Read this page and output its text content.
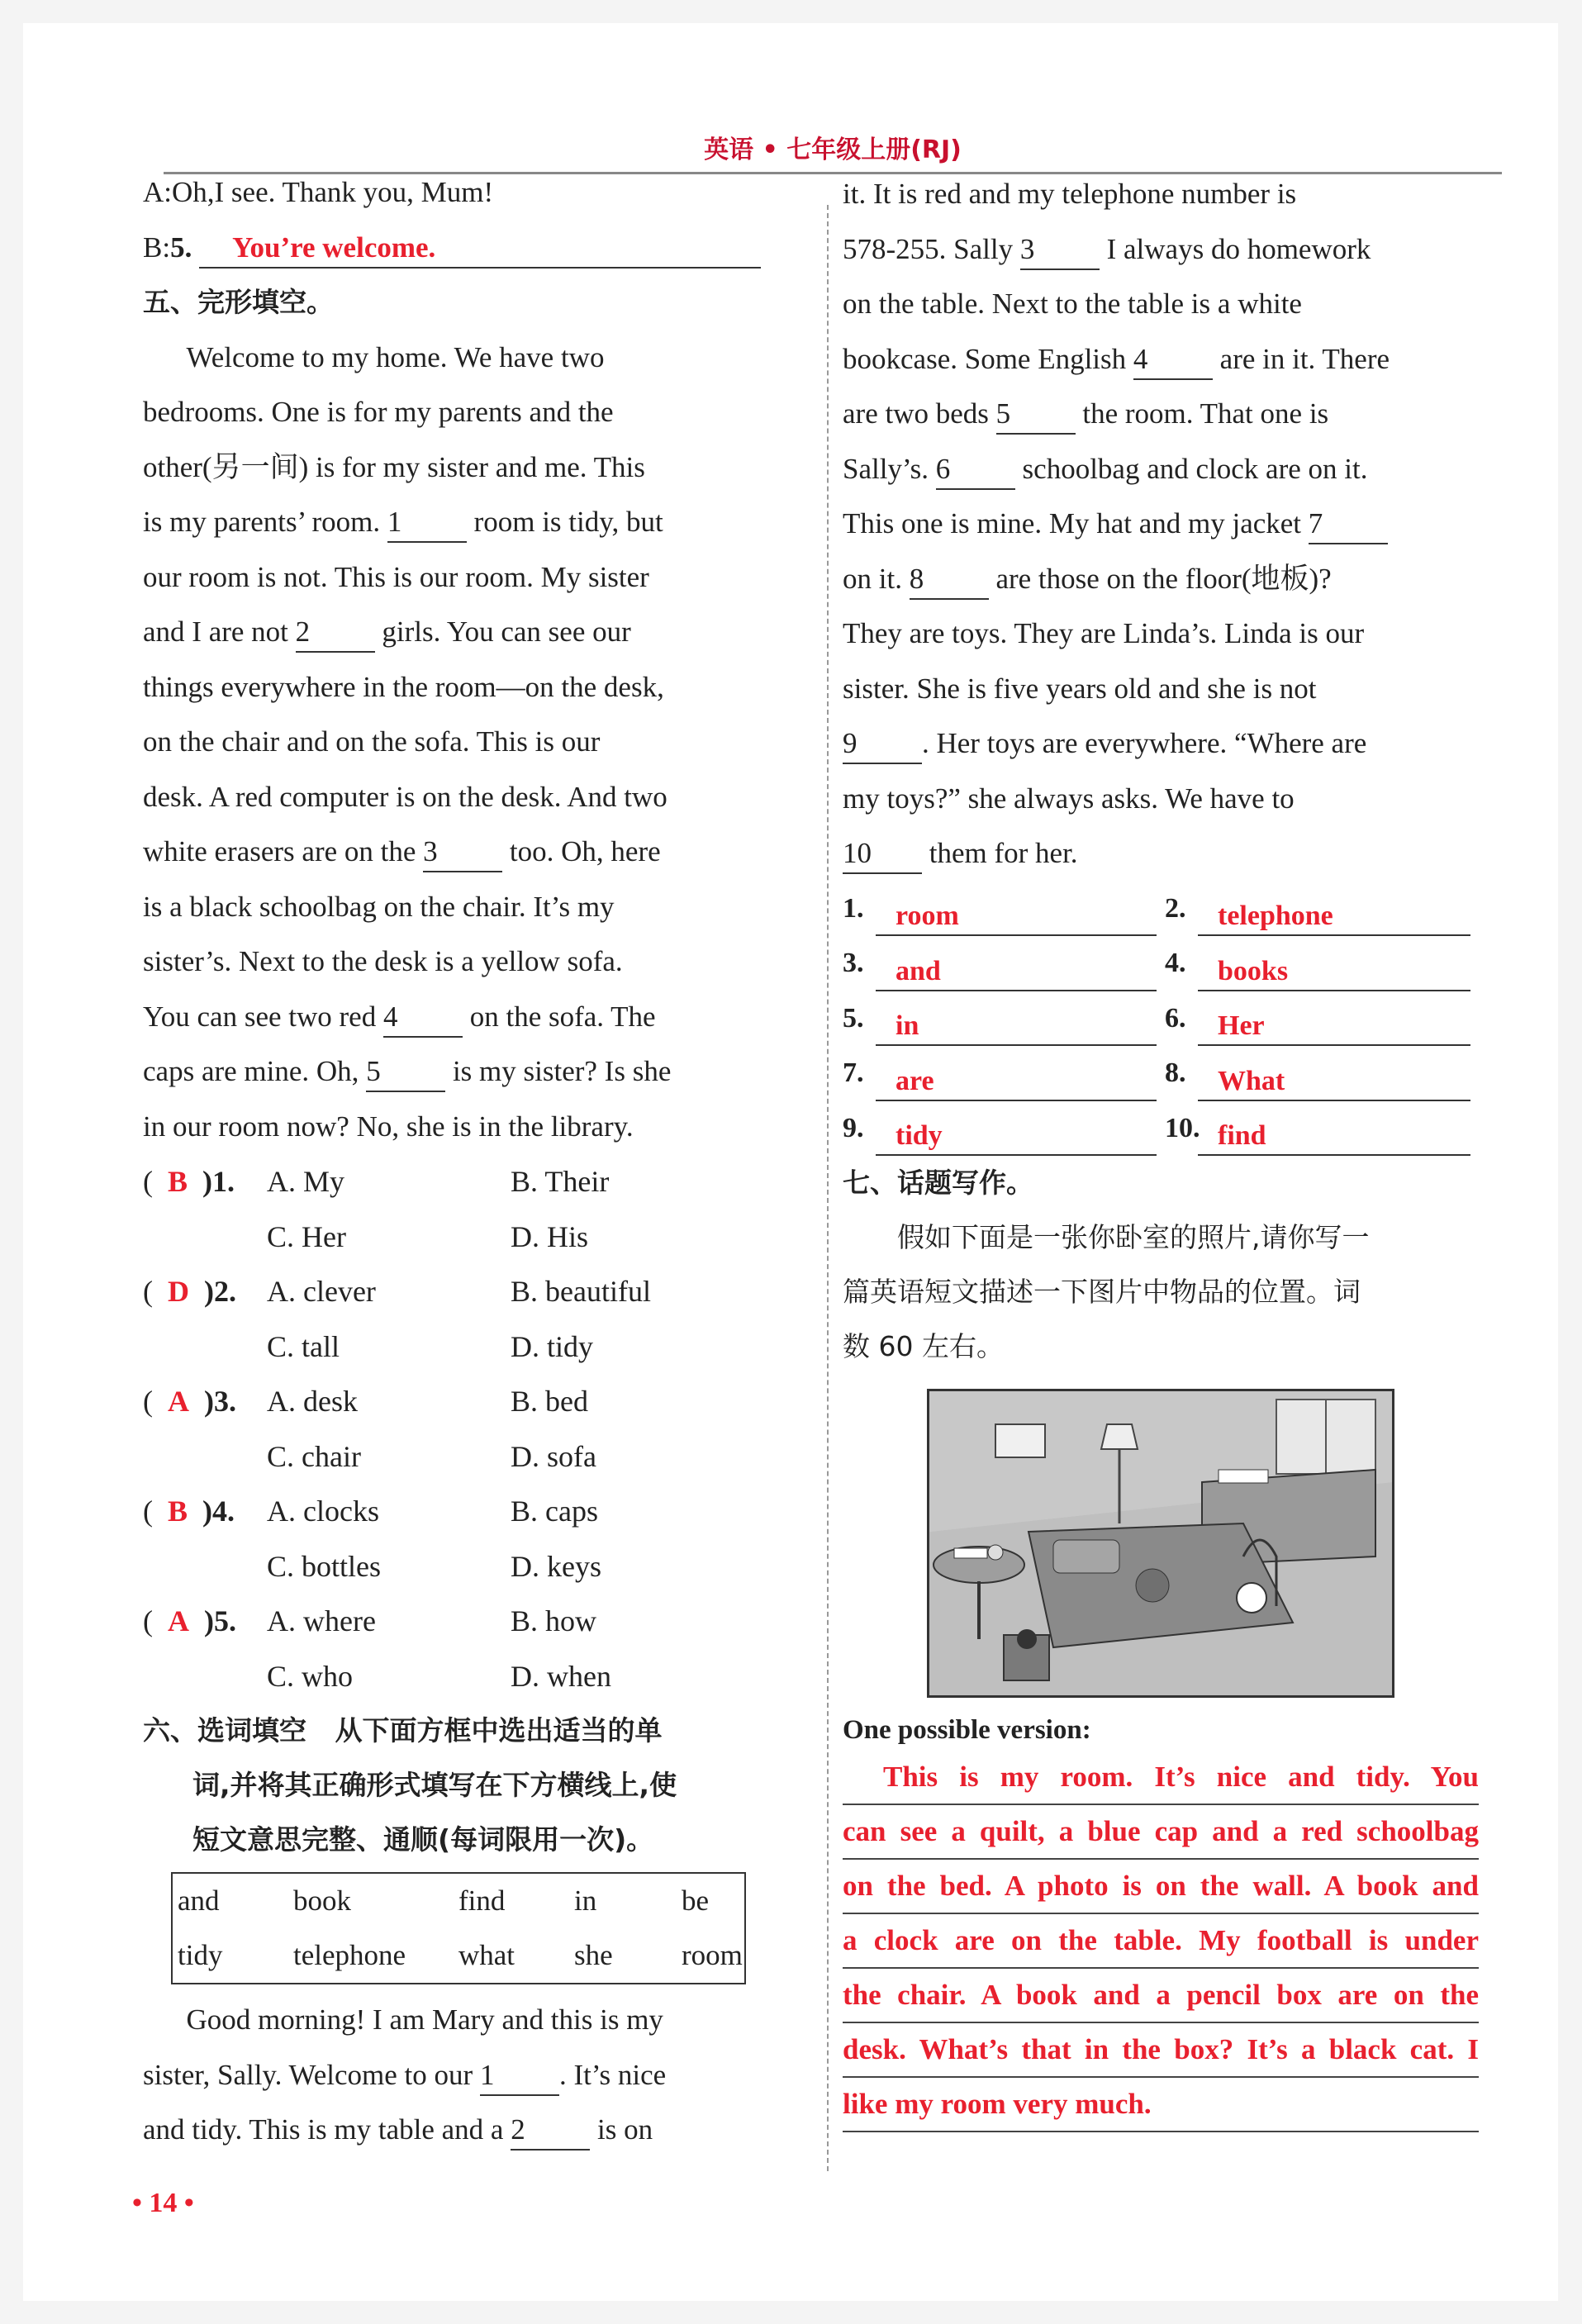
英语 • 七年级上册(RJ)
A:Oh,I see. Thank you, Mum!
B:5. You’re welcome.
五、完形填空。
Welcome to my home. We have two
bedrooms. One is for my parents and the
other(另一间) is for my sister and me. This
is my parents’ room. 1 room is tidy, but
our room is not. This is our room. My sister
and I are not 2 girls. You can see our
things everywhere in the room—on the desk,
on the chair and on the sofa. This is our
desk. A red computer is on the desk. And two
white erasers are on the 3 too. Oh, here
is a black schoolbag on the chair. It’s my
sister’s. Next to the desk is a yellow sofa.
You can see two red 4 on the sofa. The
caps are mine. Oh, 5 is my sister? Is she
in our room now? No, she is in the library.
(  B )1.	A. My	B. Their
C. Her	D. His
(  D )2.	A. clever	B. beautiful
C. tall	D. tidy
(  A )3.	A. desk	B. bed
C. chair	D. sofa
(  B )4.	A. clocks	B. caps
C. bottles	D. keys
(  A )5.	A. where	B. how
C. who	D. when
六、选词填空 从下面方框中选出适当的单
词,并将其正确形式填写在下方横线上,使
短文意思完整、通顺(每词限用一次)。
and	book	find	in	be
tidy	telephone	what	she	room
Good morning! I am Mary and this is my
sister, Sally. Welcome to our 1 . It’s nice
and tidy. This is my table and a 2 is on
it. It is red and my telephone number is
578-255. Sally 3 I always do homework
on the table. Next to the table is a white
bookcase. Some English 4 are in it. There
are two beds 5 the room. That one is
Sally’s. 6 schoolbag and clock are on it.
This one is mine. My hat and my jacket 7
on it. 8 are those on the floor(地板)?
They are toys. They are Linda’s. Linda is our
sister. She is five years old and she is not
9 . Her toys are everywhere. “Where are
my toys?” she always asks. We have to
10 them for her.
1.	room	2.	telephone
3.	and	4.	books
5.	in	6.	Her
7.	are	8.	What
9.	tidy	10. find
七、话题写作。
假如下面是一张你卧室的照片,请你写一
篇英语短文描述一下图片中物品的位置。词
数 60 左右。
One possible version:
This is my room. It’s nice and tidy. You
can see a quilt, a blue cap and a red schoolbag
on the bed. A photo is on the wall. A book and
a clock are on the table. My football is under
the chair. A book and a pencil box are on the
desk. What’s that in the box? It’s a black cat. I
like my room very much.
• 14 •
